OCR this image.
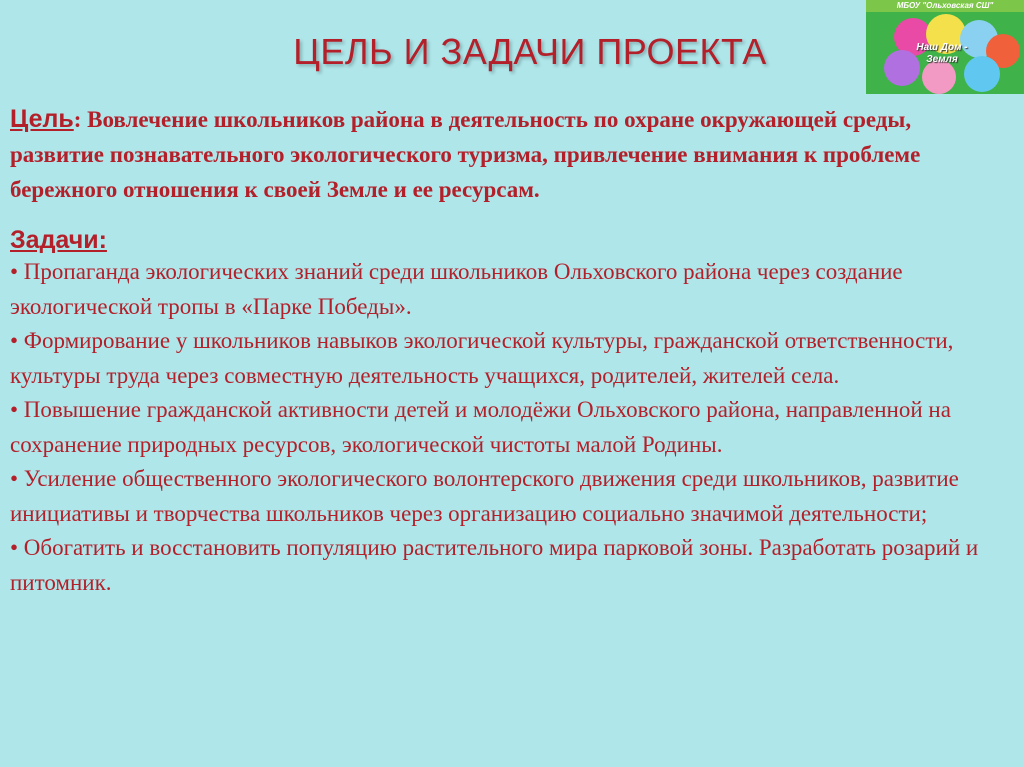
ЦЕЛЬ И ЗАДАЧИ ПРОЕКТА
МБОУ "Ольховская СШ"
Наш Дом -
Земля

Цель: Вовлечение школьников района в деятельность по охране окружающей среды, развитие познавательного экологического туризма, привлечение внимания к проблеме бережного отношения к своей Земле и ее ресурсам.

Задачи:

• Пропаганда экологических знаний среди школьников Ольховского района через создание экологической тропы в «Парке Победы».

• Формирование у школьников навыков экологической культуры, гражданской ответственности, культуры труда через совместную деятельность учащихся, родителей, жителей села.

• Повышение гражданской активности детей и молодёжи Ольховского района, направленной на сохранение природных ресурсов, экологической чистоты малой Родины.

• Усиление общественного экологического волонтерского движения среди школьников, развитие инициативы и творчества школьников через организацию социально значимой деятельности;

• Обогатить и восстановить популяцию растительного мира парковой зоны. Разработать розарий и питомник.
